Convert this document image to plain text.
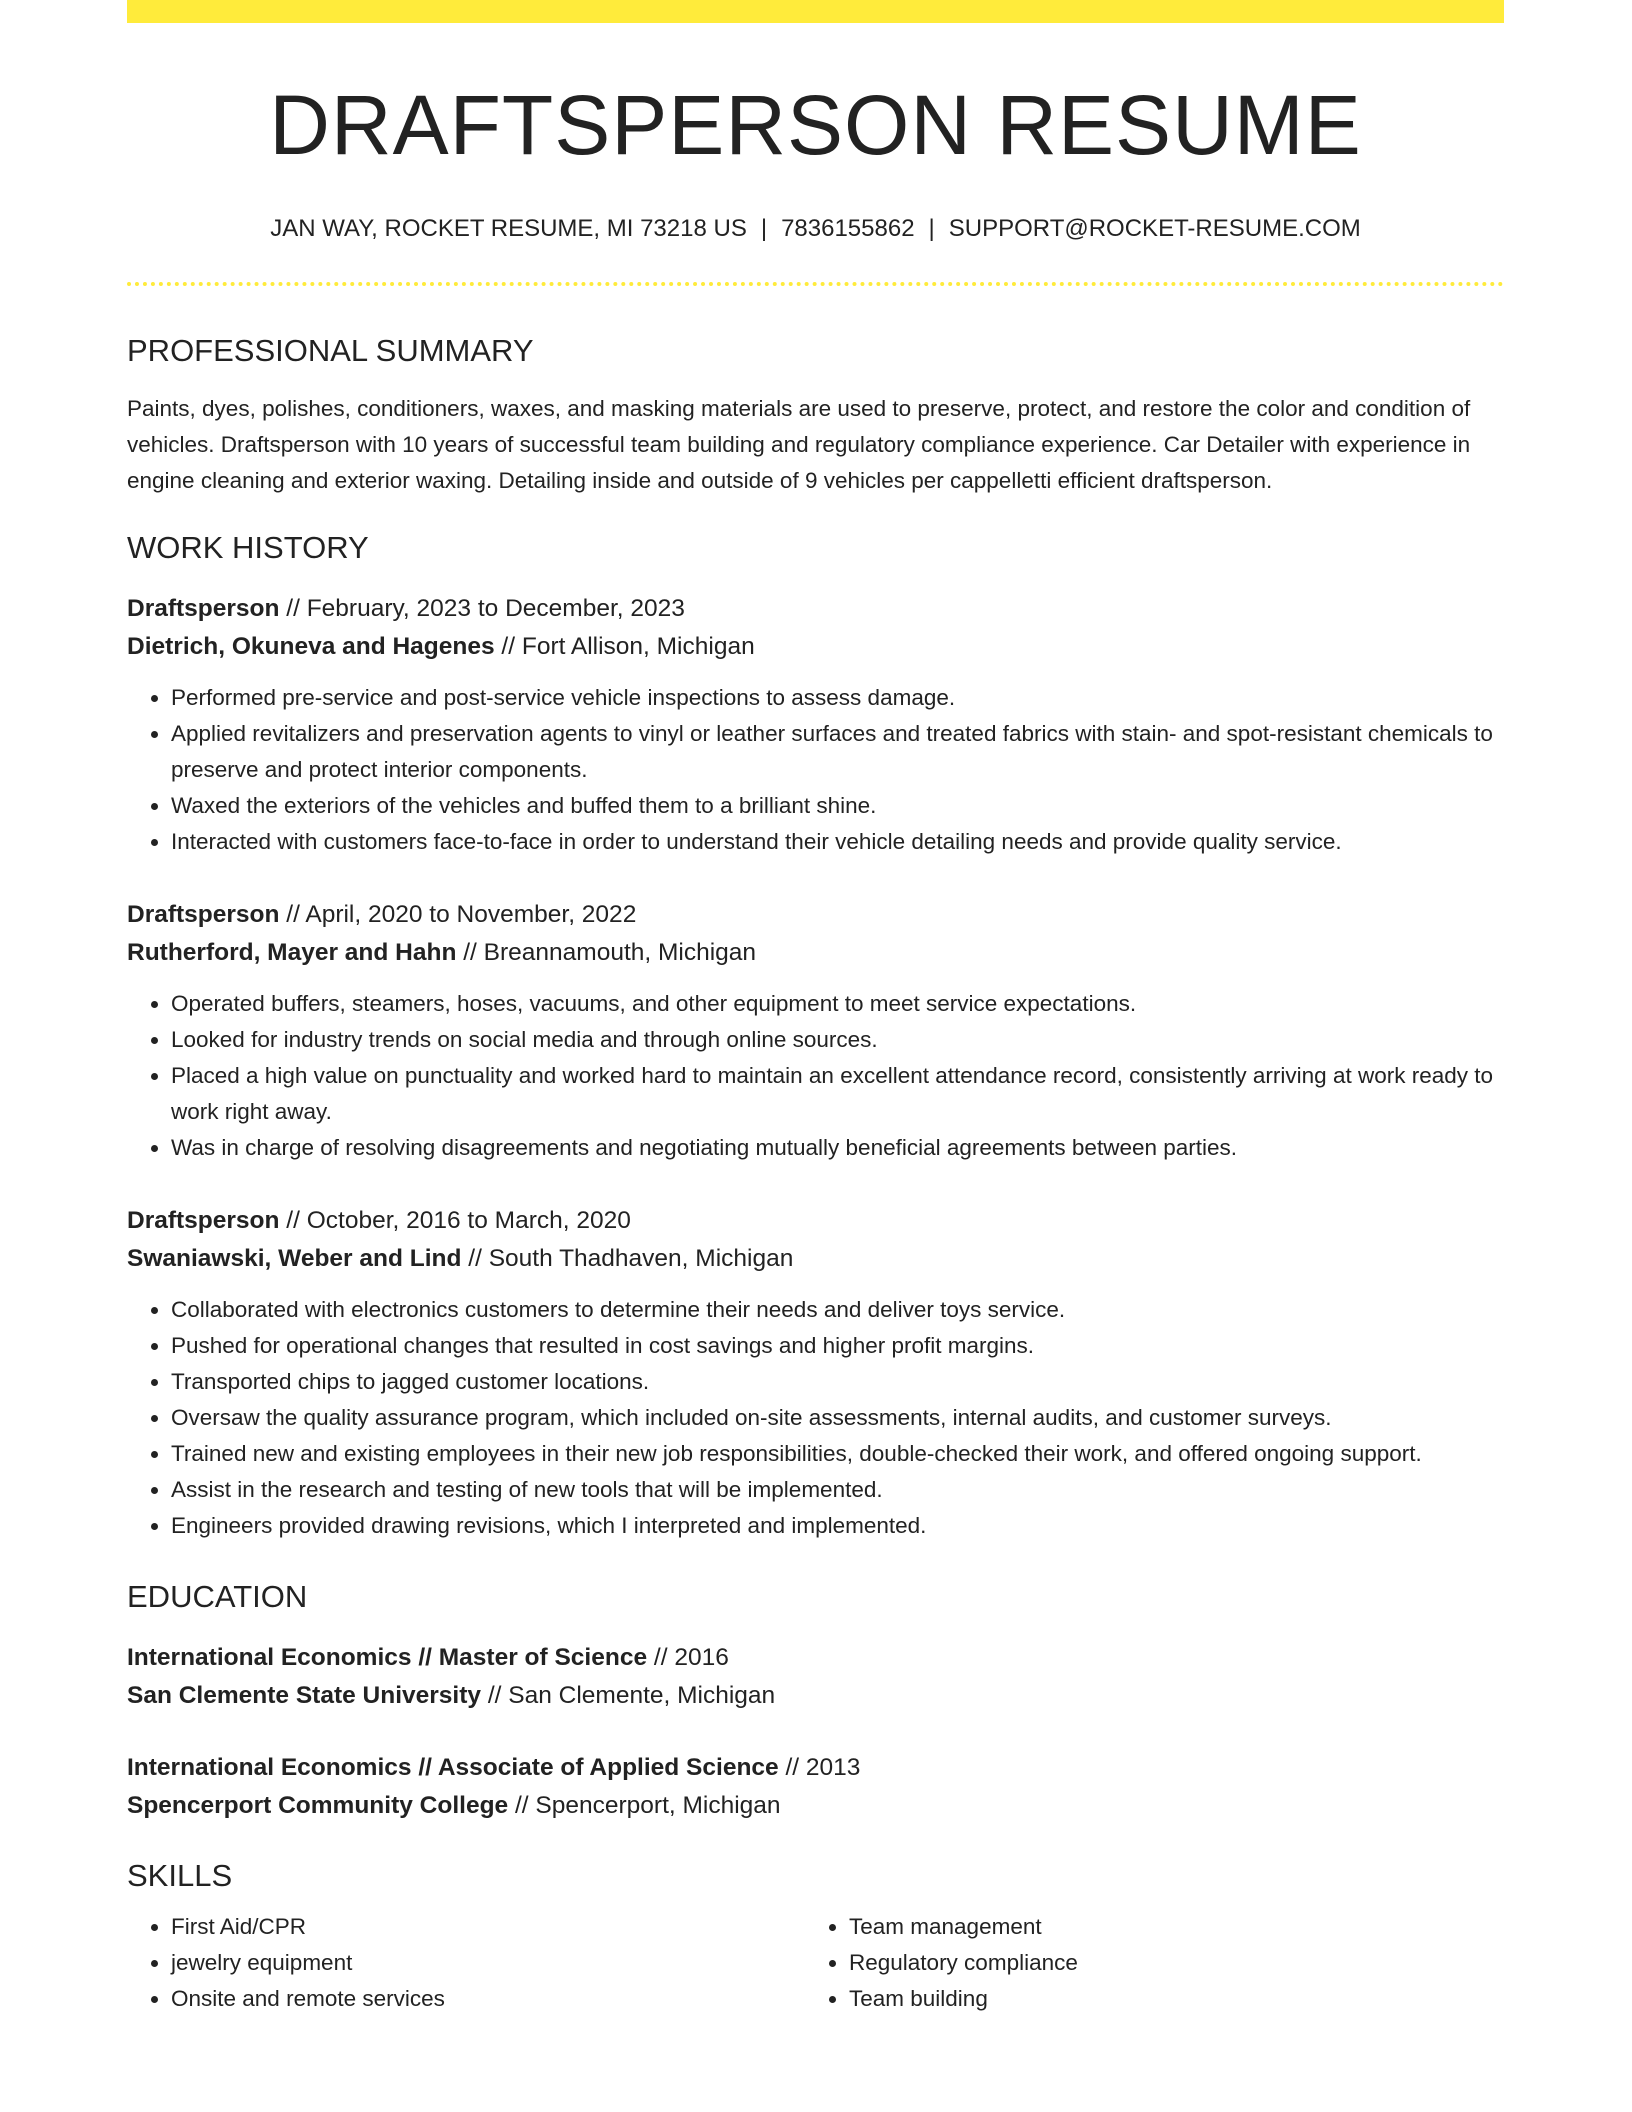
DRAFTSPERSON RESUME
JAN WAY, ROCKET RESUME, MI 73218 US | 7836155862 | SUPPORT@ROCKET-RESUME.COM
PROFESSIONAL SUMMARY

Paints, dyes, polishes, conditioners, waxes, and masking materials are used to preserve, protect, and restore the color and condition of vehicles. Draftsperson with 10 years of successful team building and regulatory compliance experience. Car Detailer with experience in engine cleaning and exterior waxing. Detailing inside and outside of 9 vehicles per cappelletti efficient draftsperson.

WORK HISTORY
Draftsperson // February, 2023 to December, 2023
Dietrich, Okuneva and Hagenes // Fort Allison, Michigan
• Performed pre-service and post-service vehicle inspections to assess damage.
• Applied revitalizers and preservation agents to vinyl or leather surfaces and treated fabrics with stain- and spot-resistant chemicals to preserve and protect interior components.
• Waxed the exteriors of the vehicles and buffed them to a brilliant shine.
• Interacted with customers face-to-face in order to understand their vehicle detailing needs and provide quality service.
Draftsperson // April, 2020 to November, 2022
Rutherford, Mayer and Hahn // Breannamouth, Michigan
• Operated buffers, steamers, hoses, vacuums, and other equipment to meet service expectations.
• Looked for industry trends on social media and through online sources.
• Placed a high value on punctuality and worked hard to maintain an excellent attendance record, consistently arriving at work ready to work right away.
• Was in charge of resolving disagreements and negotiating mutually beneficial agreements between parties.
Draftsperson // October, 2016 to March, 2020
Swaniawski, Weber and Lind // South Thadhaven, Michigan
• Collaborated with electronics customers to determine their needs and deliver toys service.
• Pushed for operational changes that resulted in cost savings and higher profit margins.
• Transported chips to jagged customer locations.
• Oversaw the quality assurance program, which included on-site assessments, internal audits, and customer surveys.
• Trained new and existing employees in their new job responsibilities, double-checked their work, and offered ongoing support.
• Assist in the research and testing of new tools that will be implemented.
• Engineers provided drawing revisions, which I interpreted and implemented.
EDUCATION
International Economics // Master of Science // 2016
San Clemente State University // San Clemente, Michigan
International Economics // Associate of Applied Science // 2013
Spencerport Community College // Spencerport, Michigan
SKILLS
• First Aid/CPR
• jewelry equipment
• Onsite and remote services
• Team management
• Regulatory compliance
• Team building
